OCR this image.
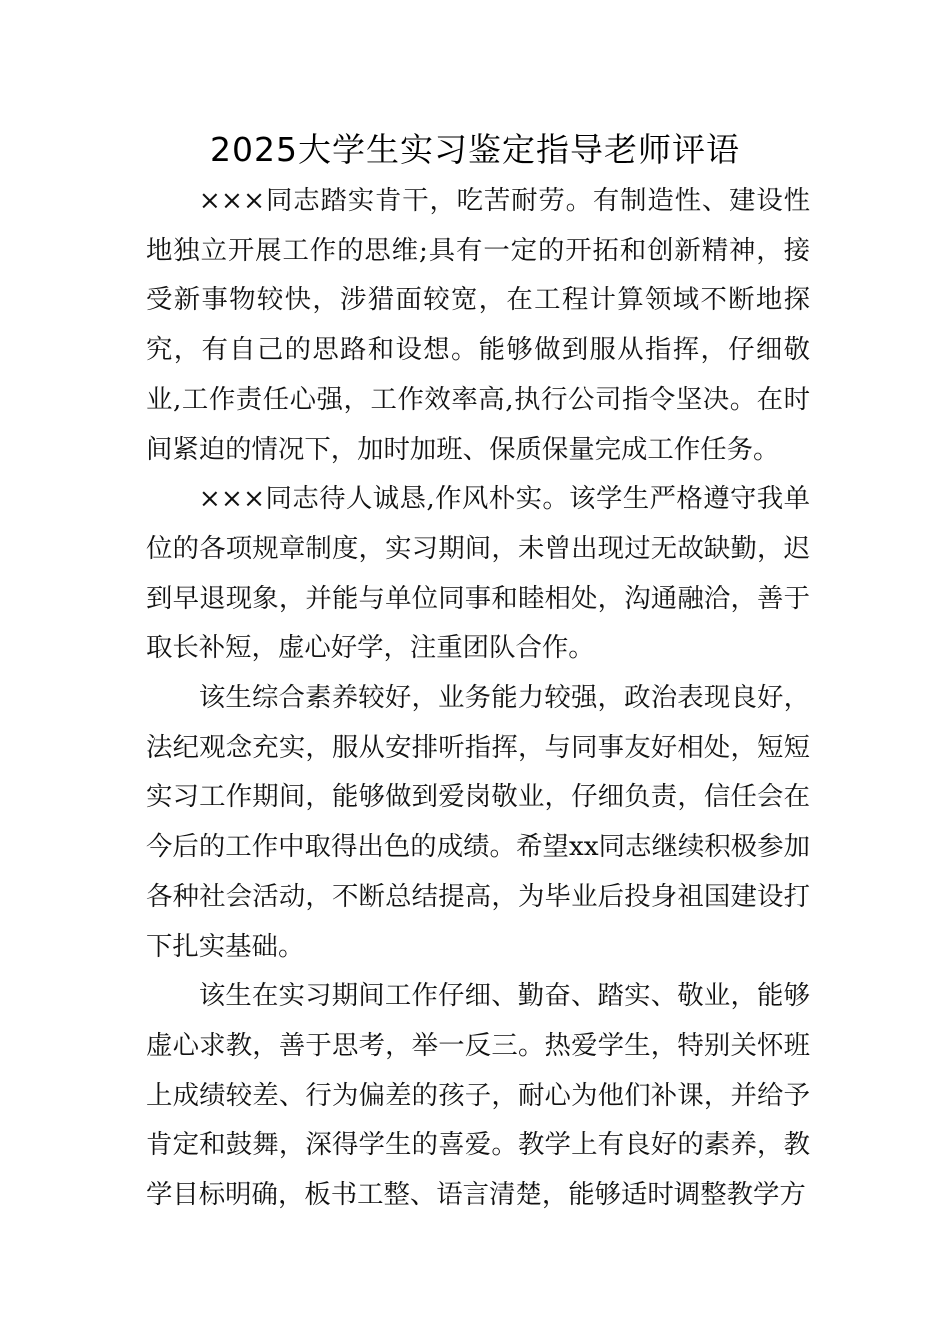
2025大学生实习鉴定指导老师评语

×××同志踏实肯干，吃苦耐劳。有制造性、建设性地独立开展工作的思维;具有一定的开拓和创新精神，接受新事物较快，涉猎面较宽，在工程计算领域不断地探究，有自己的思路和设想。能够做到服从指挥，仔细敬业,工作责任心强，工作效率高,执行公司指令坚决。在时间紧迫的情况下，加时加班、保质保量完成工作任务。

×××同志待人诚恳,作风朴实。该学生严格遵守我单位的各项规章制度，实习期间，未曾出现过无故缺勤，迟到早退现象，并能与单位同事和睦相处，沟通融洽，善于取长补短，虚心好学，注重团队合作。

该生综合素养较好，业务能力较强，政治表现良好，法纪观念充实，服从安排听指挥，与同事友好相处，短短实习工作期间，能够做到爱岗敬业，仔细负责，信任会在今后的工作中取得出色的成绩。希望xx同志继续积极参加各种社会活动，不断总结提高，为毕业后投身祖国建设打下扎实基础。

该生在实习期间工作仔细、勤奋、踏实、敬业，能够虚心求教，善于思考，举一反三。热爱学生，特别关怀班上成绩较差、行为偏差的孩子，耐心为他们补课，并给予肯定和鼓舞，深得学生的喜爱。教学上有良好的素养，教学目标明确，板书工整、语言清楚，能够适时调整教学方
